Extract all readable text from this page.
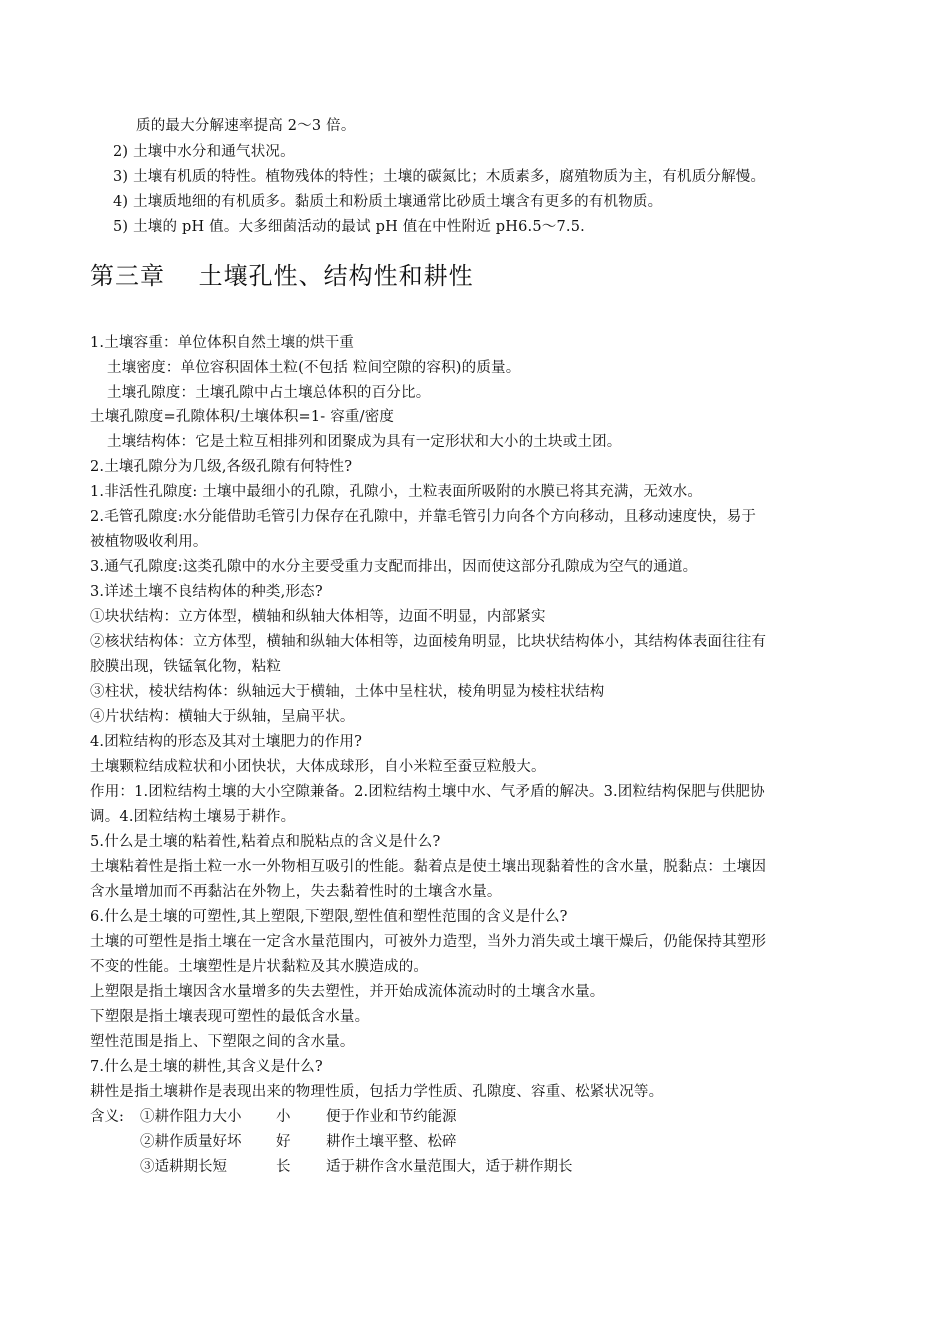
质的最大分解速率提高 2～3 倍。
2) 土壤中水分和通气状况。
3) 土壤有机质的特性。植物残体的特性；土壤的碳氮比；木质素多，腐殖物质为主，有机质分解慢。
4) 土壤质地细的有机质多。黏质土和粉质土壤通常比砂质土壤含有更多的有机物质。
5) 土壤的 pH 值。大多细菌活动的最试 pH 值在中性附近 pH6.5～7.5.
第三章　 土壤孔性、结构性和耕性
1.土壤容重：单位体积自然土壤的烘干重
土壤密度：单位容积固体土粒(不包括 粒间空隙的容积)的质量。
土壤孔隙度：土壤孔隙中占土壤总体积的百分比。
土壤孔隙度=孔隙体积/土壤体积=1- 容重/密度
土壤结构体：它是土粒互相排列和团聚成为具有一定形状和大小的土块或土团。
2.土壤孔隙分为几级,各级孔隙有何特性?
1.非活性孔隙度: 土壤中最细小的孔隙，孔隙小，土粒表面所吸附的水膜已将其充满，无效水。
2.毛管孔隙度:水分能借助毛管引力保存在孔隙中，并靠毛管引力向各个方向移动，且移动速度快，易于
被植物吸收利用。
3.通气孔隙度:这类孔隙中的水分主要受重力支配而排出，因而使这部分孔隙成为空气的通道。
3.详述土壤不良结构体的种类,形态?
①块状结构：立方体型，横轴和纵轴大体相等，边面不明显，内部紧实
②核状结构体：立方体型，横轴和纵轴大体相等，边面棱角明显，比块状结构体小，其结构体表面往往有
胶膜出现，铁锰氧化物，粘粒
③柱状，棱状结构体：纵轴远大于横轴，土体中呈柱状，棱角明显为棱柱状结构
④片状结构：横轴大于纵轴，呈扁平状。
4.团粒结构的形态及其对土壤肥力的作用?
土壤颗粒结成粒状和小团快状，大体成球形，自小米粒至蚕豆粒般大。
作用：1.团粒结构土壤的大小空隙兼备。2.团粒结构土壤中水、气矛盾的解决。3.团粒结构保肥与供肥协
调。4.团粒结构土壤易于耕作。
5.什么是土壤的粘着性,粘着点和脱粘点的含义是什么?
土壤粘着性是指土粒一水一外物相互吸引的性能。黏着点是使土壤出现黏着性的含水量，脱黏点：土壤因
含水量增加而不再黏沾在外物上，失去黏着性时的土壤含水量。
6.什么是土壤的可塑性,其上塑限,下塑限,塑性值和塑性范围的含义是什么?
土壤的可塑性是指土壤在一定含水量范围内，可被外力造型，当外力消失或土壤干燥后，仍能保持其塑形
不变的性能。土壤塑性是片状黏粒及其水膜造成的。
上塑限是指土壤因含水量增多的失去塑性，并开始成流体流动时的土壤含水量。
下塑限是指土壤表现可塑性的最低含水量。
塑性范围是指上、下塑限之间的含水量。
7.什么是土壤的耕性,其含义是什么?
耕性是指土壤耕作是表现出来的物理性质，包括力学性质、孔隙度、容重、松紧状况等。
含义: ①耕作阻力大小 小 便于作业和节约能源
②耕作质量好坏 好 耕作土壤平整、松碎
③适耕期长短	长 适于耕作含水量范围大，适于耕作期长
